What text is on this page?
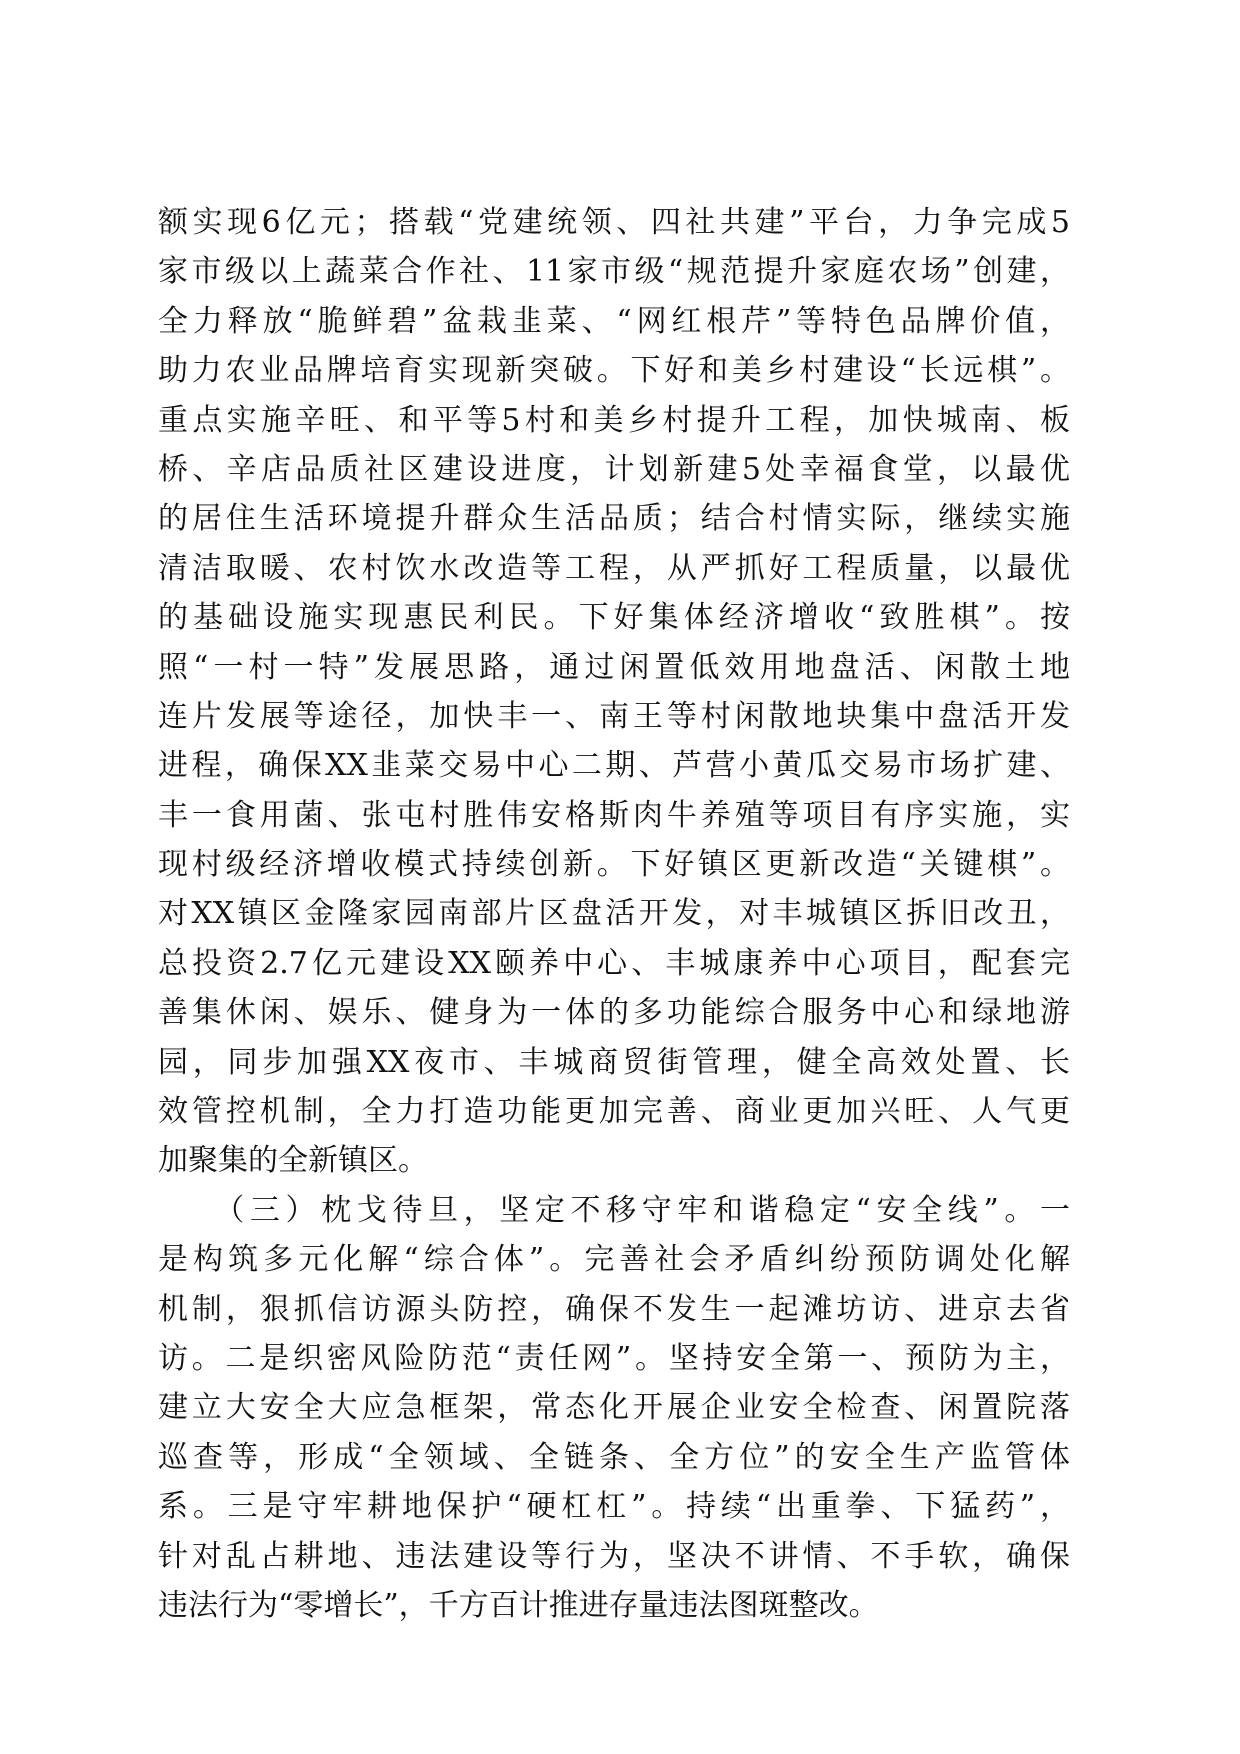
额实现6亿元；搭载“党建统领、四社共建”平台，力争完成5
家市级以上蔬菜合作社、11家市级“规范提升家庭农场”创建，
全力释放“脆鲜碧”盆栽韭菜、“网红根芹”等特色品牌价值，
助力农业品牌培育实现新突破。下好和美乡村建设“长远棋”。
重点实施辛旺、和平等5村和美乡村提升工程，加快城南、板
桥、辛店品质社区建设进度，计划新建5处幸福食堂，以最优
的居住生活环境提升群众生活品质；结合村情实际，继续实施
清洁取暖、农村饮水改造等工程，从严抓好工程质量，以最优
的基础设施实现惠民利民。下好集体经济增收“致胜棋”。按
照“一村一特”发展思路，通过闲置低效用地盘活、闲散土地
连片发展等途径，加快丰一、南王等村闲散地块集中盘活开发
进程，确保XX韭菜交易中心二期、芦营小黄瓜交易市场扩建、
丰一食用菌、张屯村胜伟安格斯肉牛养殖等项目有序实施，实
现村级经济增收模式持续创新。下好镇区更新改造“关键棋”。
对XX镇区金隆家园南部片区盘活开发，对丰城镇区拆旧改丑，
总投资2.7亿元建设XX颐养中心、丰城康养中心项目，配套完
善集休闲、娱乐、健身为一体的多功能综合服务中心和绿地游
园，同步加强XX夜市、丰城商贸街管理，健全高效处置、长
效管控机制，全力打造功能更加完善、商业更加兴旺、人气更
加聚集的全新镇区。
　　（三）枕戈待旦，坚定不移守牢和谐稳定“安全线”。一
是构筑多元化解“综合体”。完善社会矛盾纠纷预防调处化解
机制，狠抓信访源头防控，确保不发生一起滩坊访、进京去省
访。二是织密风险防范“责任网”。坚持安全第一、预防为主，
建立大安全大应急框架，常态化开展企业安全检查、闲置院落
巡查等，形成“全领域、全链条、全方位”的安全生产监管体
系。三是守牢耕地保护“硬杠杠”。持续“出重拳、下猛药”，
针对乱占耕地、违法建设等行为，坚决不讲情、不手软，确保
违法行为“零增长”，千方百计推进存量违法图斑整改。
